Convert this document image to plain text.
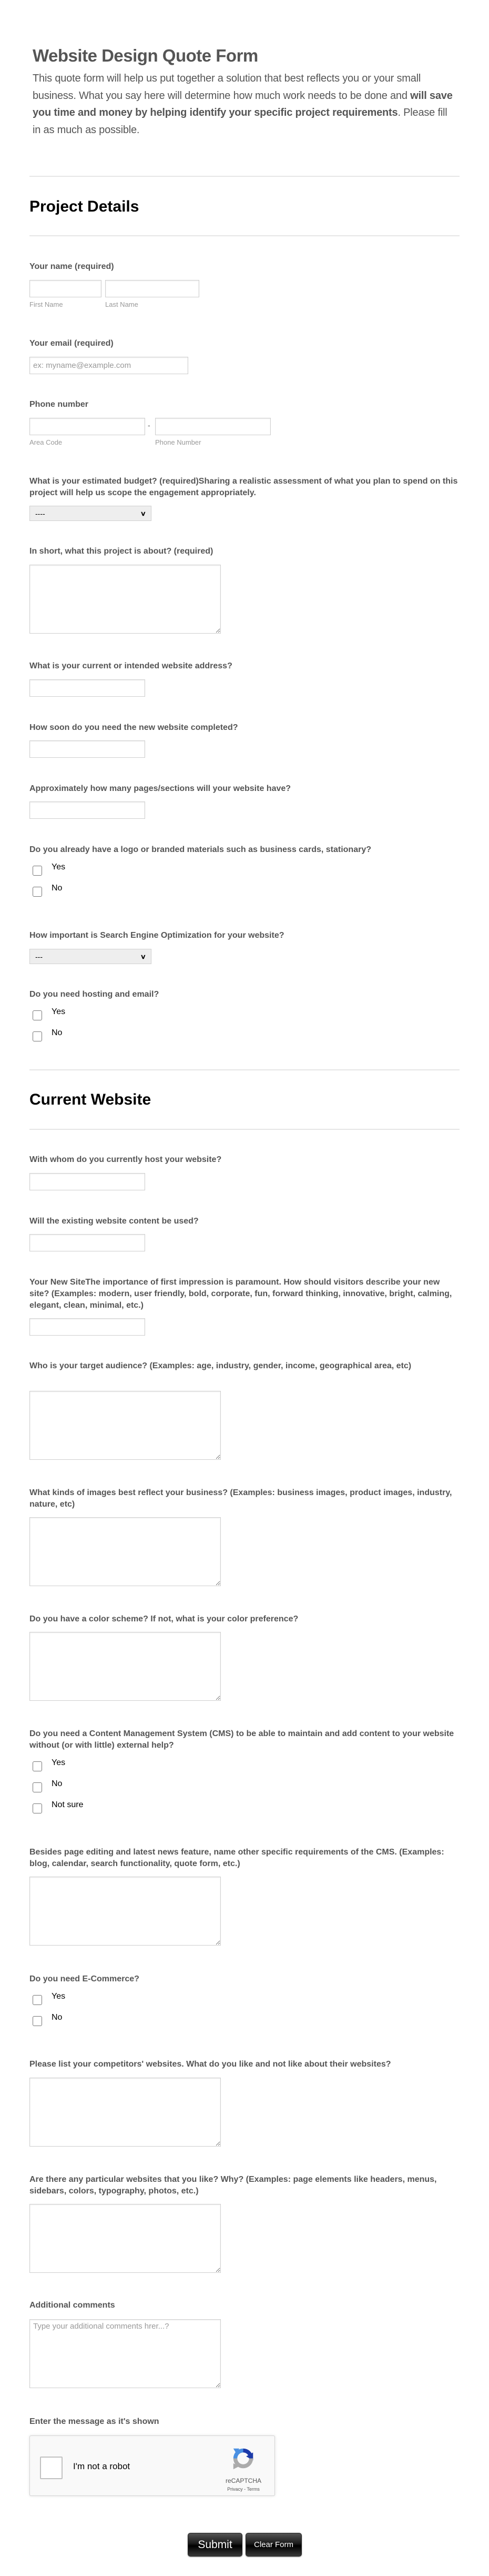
Website Design Quote Form
This quote form will help us put together a solution that best reflects you or your small business. What you say here will determine how much work needs to be done and will save you time and money by helping identify your specific project requirements. Please fill in as much as possible.
Project Details
Your name (required)
First Name	Last Name
Your email (required)
ex: myname@example.com
Phone number
-
Area Code	Phone Number
What is your estimated budget? (required)Sharing a realistic assessment of what you plan to spend on this project will help us scope the engagement appropriately.
----	∨
In short, what this project is about? (required)
What is your current or intended website address?
How soon do you need the new website completed?
Approximately how many pages/sections will your website have?
Do you already have a logo or branded materials such as business cards, stationary?
Yes
No
How important is Search Engine Optimization for your website?
---	∨
Do you need hosting and email?
Yes
No
Current Website
With whom do you currently host your website?
Will the existing website content be used?
Your New SiteThe importance of first impression is paramount. How should visitors describe your new site? (Examples: modern, user friendly, bold, corporate, fun, forward thinking, innovative, bright, calming, elegant, clean, minimal, etc.)
Who is your target audience? (Examples: age, industry, gender, income, geographical area, etc)
What kinds of images best reflect your business? (Examples: business images, product images, industry, nature, etc)
Do you have a color scheme? If not, what is your color preference?
Do you need a Content Management System (CMS) to be able to maintain and add content to your website without (or with little) external help?
Yes
No
Not sure
Besides page editing and latest news feature, name other specific requirements of the CMS. (Examples: blog, calendar, search functionality, quote form, etc.)
Do you need E-Commerce?
Yes
No
Please list your competitors' websites. What do you like and not like about their websites?
Are there any particular websites that you like? Why? (Examples: page elements like headers, menus, sidebars, colors, typography, photos, etc.)
Additional comments
Type your additional comments hrer...?
Enter the message as it's shown
I'm not a robot
reCAPTCHA
Privacy - Terms
Submit	Clear Form
